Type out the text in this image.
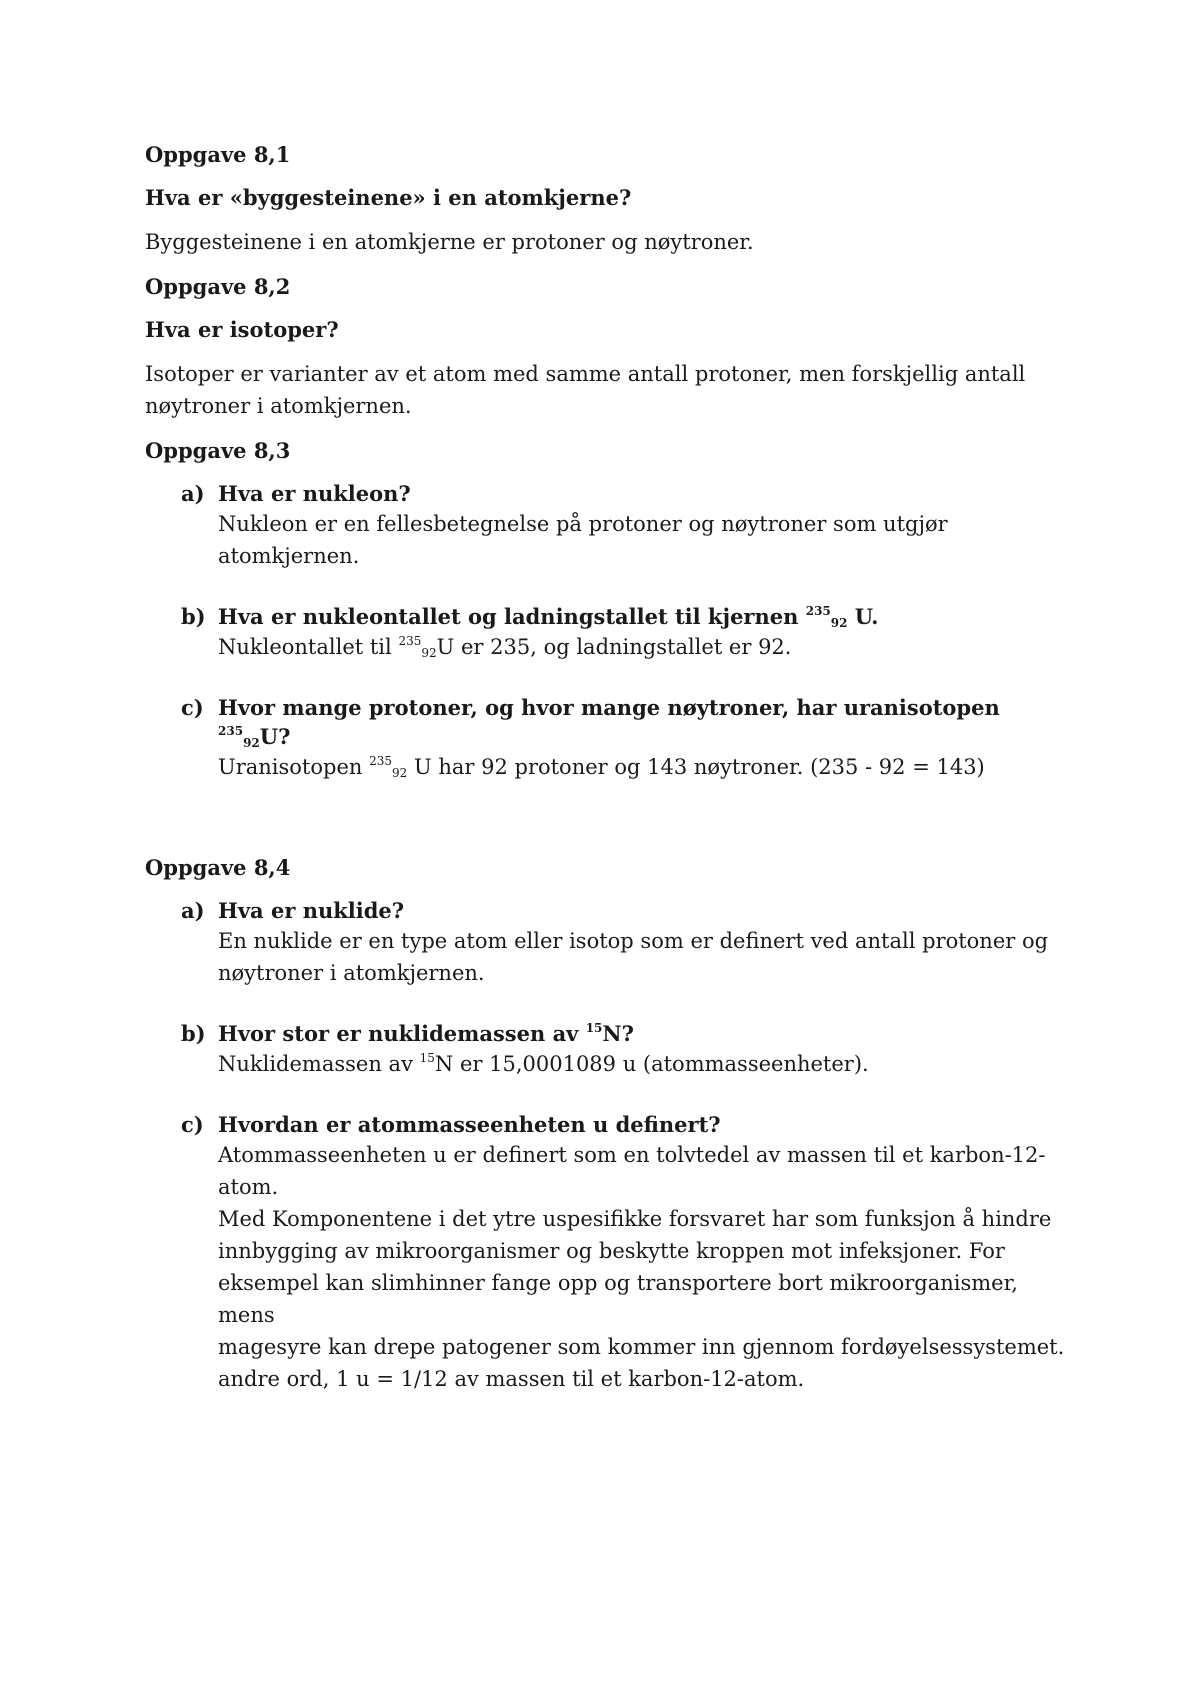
Oppgave 8,1
Hva er «byggesteinene» i en atomkjerne?
Byggesteinene i en atomkjerne er protoner og nøytroner.
Oppgave 8,2
Hva er isotoper?
Isotoper er varianter av et atom med samme antall protoner, men forskjellig antall nøytroner i atomkjernen.
Oppgave 8,3
a) Hva er nukleon?
Nukleon er en fellesbetegnelse på protoner og nøytroner som utgjør atomkjernen.
b) Hva er nukleontallet og ladningstallet til kjernen $^{235}_{92}$ U.
Nukleontallet til $^{235}_{92}$U er 235, og ladningstallet er 92.
c) Hvor mange protoner, og hvor mange nøytroner, har uranisotopen $^{235}_{92}$U?
Uranisotopen $^{235}_{92}$ U har 92 protoner og 143 nøytroner. (235 - 92 = 143)
Oppgave 8,4
a) Hva er nuklide?
En nuklide er en type atom eller isotop som er definert ved antall protoner og nøytroner i atomkjernen.
b) Hvor stor er nuklidemassen av $^{15}$N?
Nuklidemassen av $^{15}$N er 15,0001089 u (atommasseenheter).
c) Hvordan er atommasseenheten u definert?
Atommasseenheten u er definert som en tolvtedel av massen til et karbon-12-atom.
Med Komponentene i det ytre uspesifikke forsvaret har som funksjon å hindre
innbygging av mikroorganismer og beskytte kroppen mot infeksjoner. For
eksempel kan slimhinner fange opp og transportere bort mikroorganismer, mens
magesyre kan drepe patogener som kommer inn gjennom fordøyelsessystemet.
andre ord, 1 u = 1/12 av massen til et karbon-12-atom.
